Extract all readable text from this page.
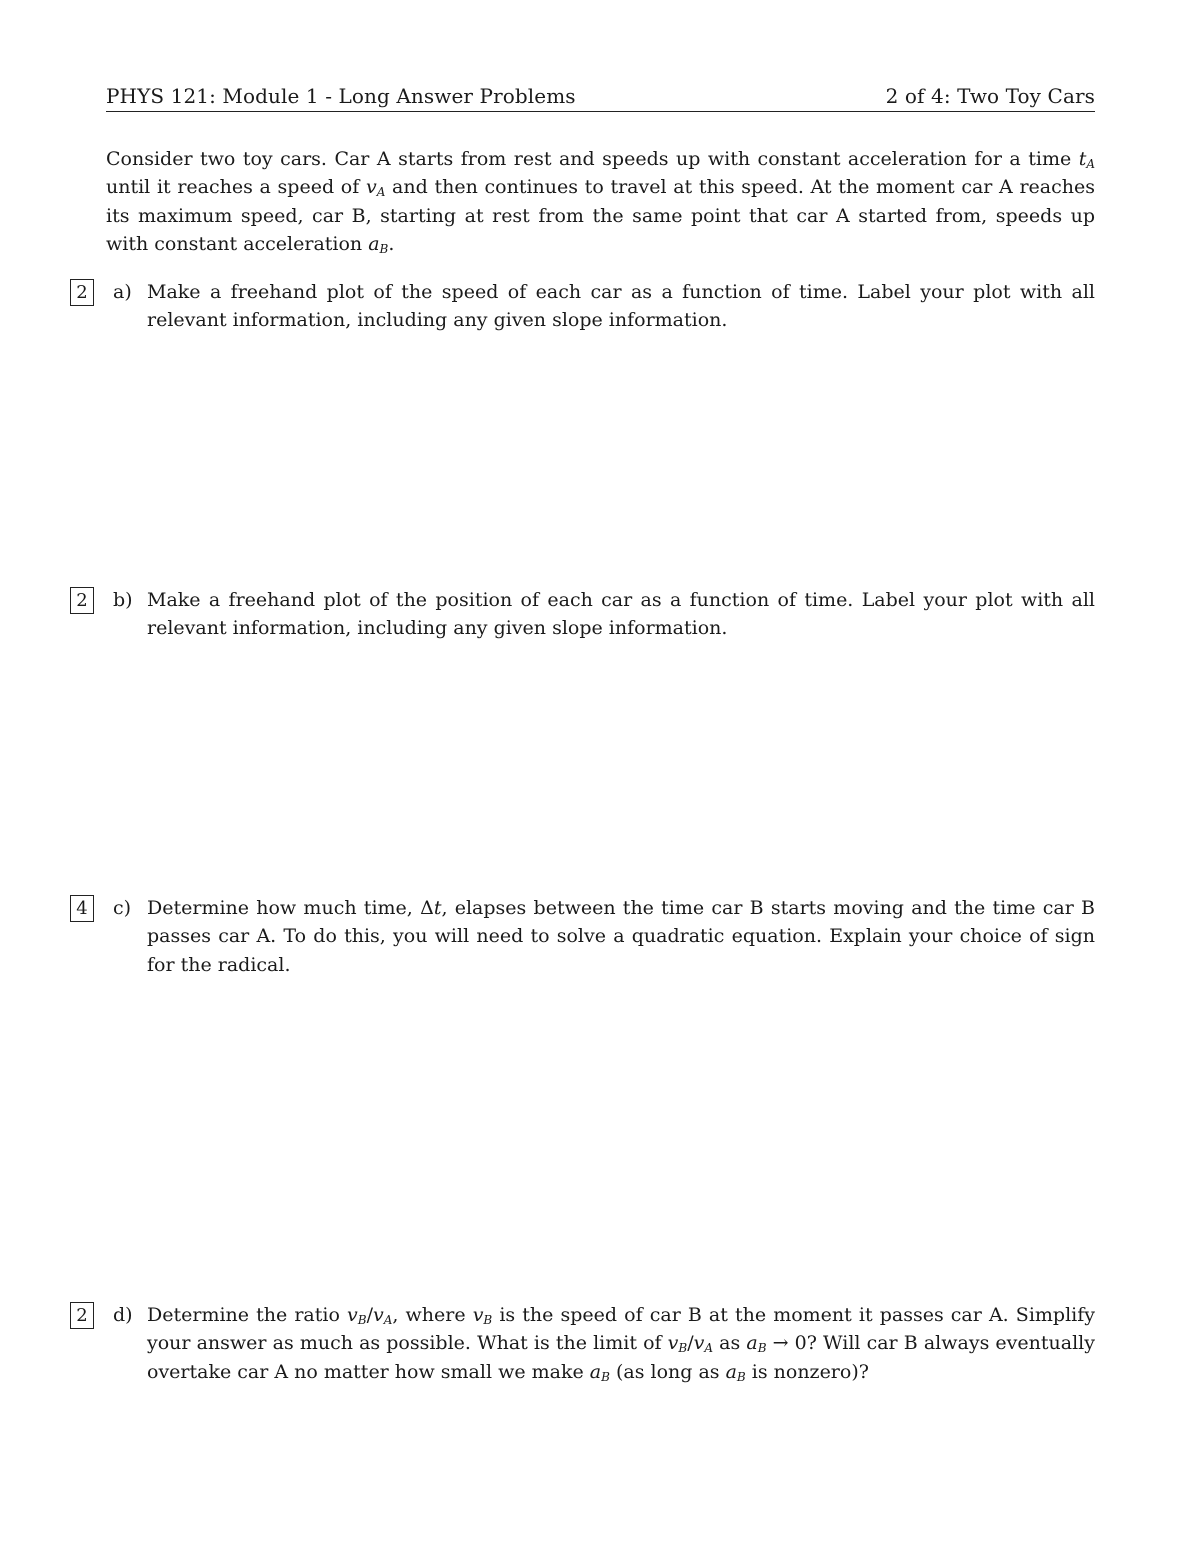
PHYS 121: Module 1 - Long Answer Problems	2 of 4: Two Toy Cars
Consider two toy cars. Car A starts from rest and speeds up with constant acceleration for a time $t_A$ until it reaches a speed of $v_A$ and then continues to travel at this speed. At the moment car A reaches its maximum speed, car B, starting at rest from the same point that car A started from, speeds up with constant acceleration $a_B$.
2	a) Make a freehand plot of the speed of each car as a function of time. Label your plot with all relevant information, including any given slope information.
2	b) Make a freehand plot of the position of each car as a function of time. Label your plot with all relevant information, including any given slope information.
4	c) Determine how much time, Δt, elapses between the time car B starts moving and the time car B passes car A. To do this, you will need to solve a quadratic equation. Explain your choice of sign for the radical.
2	d) Determine the ratio $v_B/v_A$, where $v_B$ is the speed of car B at the moment it passes car A. Simplify your answer as much as possible. What is the limit of $v_B/v_A$ as $a_B \to 0$? Will car B always eventually overtake car A no matter how small we make $a_B$ (as long as $a_B$ is nonzero)?
